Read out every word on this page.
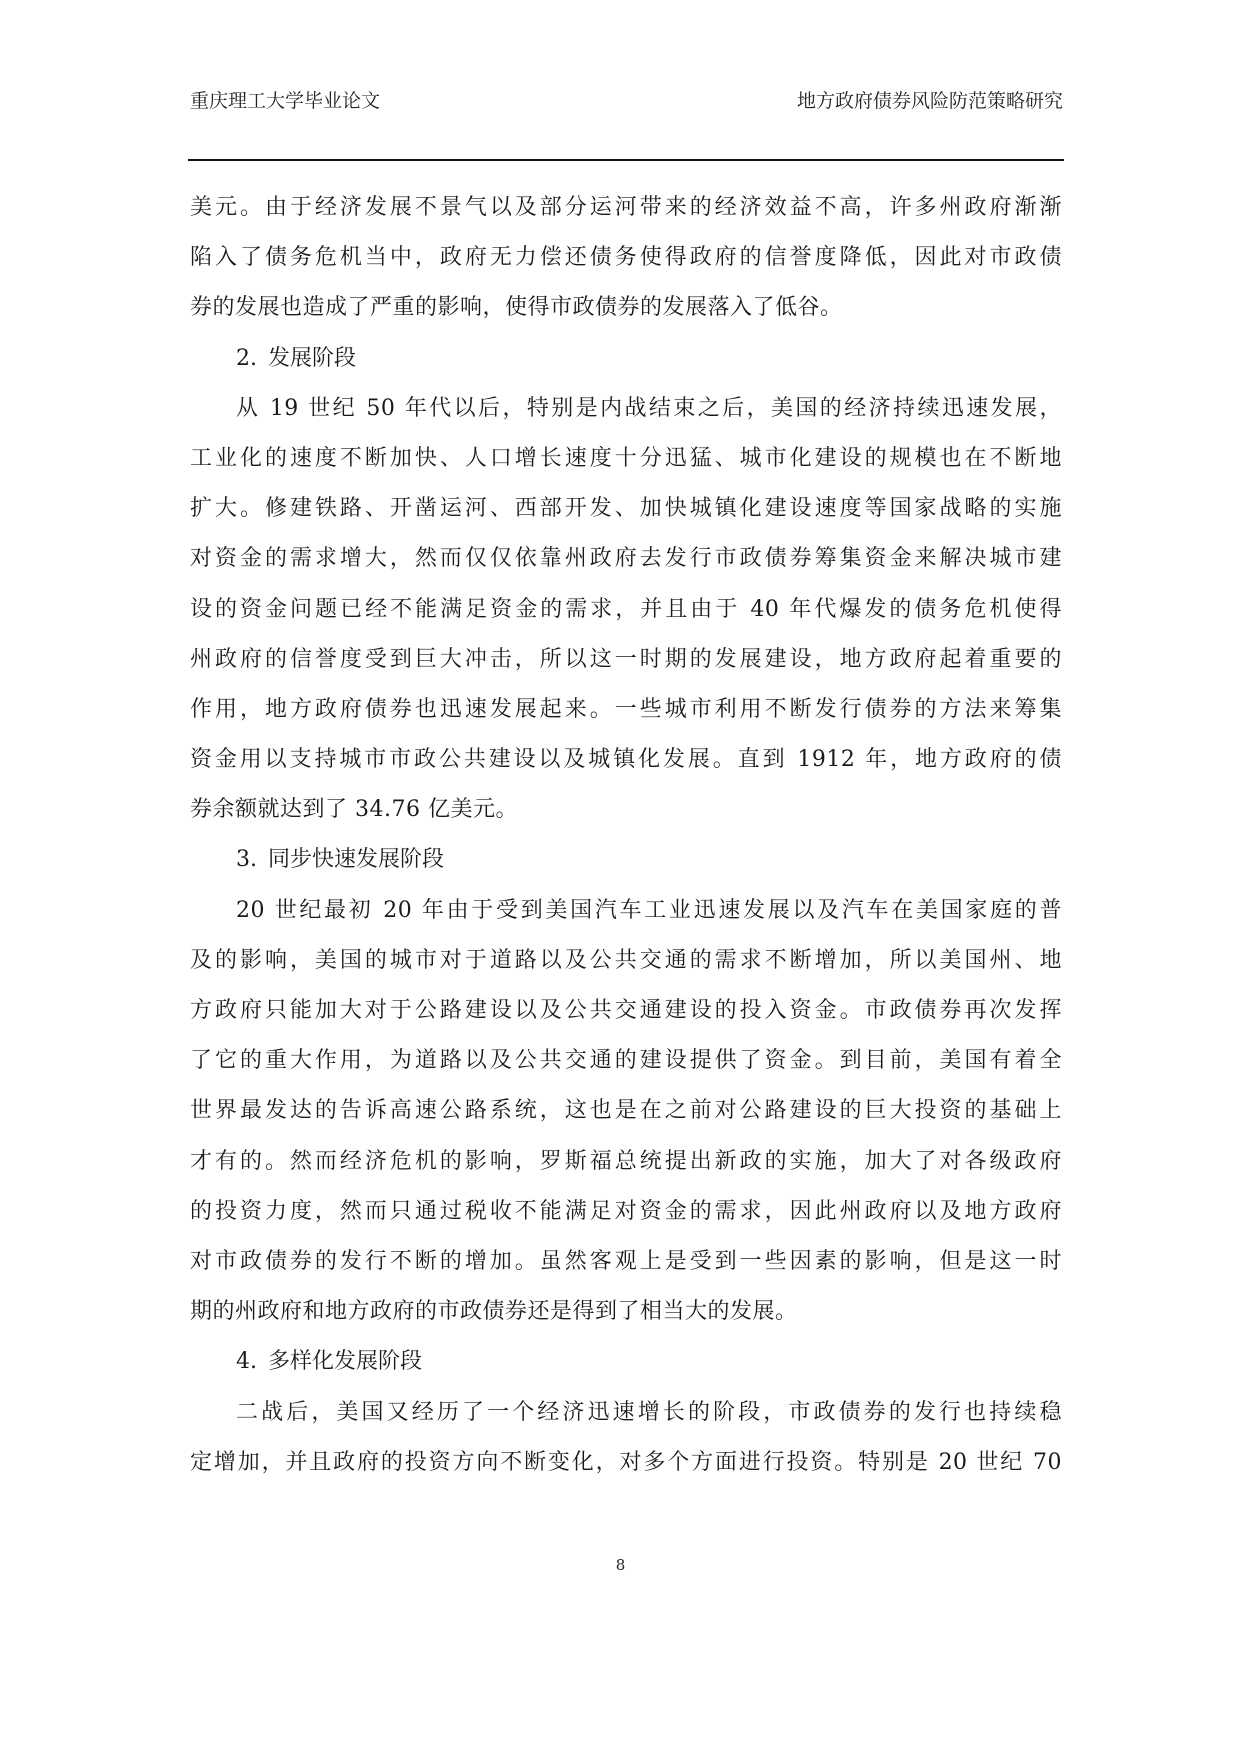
重庆理工大学毕业论文	地方政府债券风险防范策略研究
美元。由于经济发展不景气以及部分运河带来的经济效益不高，许多州政府渐渐
陷入了债务危机当中，政府无力偿还债务使得政府的信誉度降低，因此对市政债
券的发展也造成了严重的影响，使得市政债券的发展落入了低谷。
2. 发展阶段
从 19 世纪 50 年代以后，特别是内战结束之后，美国的经济持续迅速发展，
工业化的速度不断加快、人口增长速度十分迅猛、城市化建设的规模也在不断地
扩大。修建铁路、开凿运河、西部开发、加快城镇化建设速度等国家战略的实施
对资金的需求增大，然而仅仅依靠州政府去发行市政债券筹集资金来解决城市建
设的资金问题已经不能满足资金的需求，并且由于 40 年代爆发的债务危机使得
州政府的信誉度受到巨大冲击，所以这一时期的发展建设，地方政府起着重要的
作用，地方政府债券也迅速发展起来。一些城市利用不断发行债券的方法来筹集
资金用以支持城市市政公共建设以及城镇化发展。直到 1912 年，地方政府的债
券余额就达到了 34.76 亿美元。
3. 同步快速发展阶段
20 世纪最初 20 年由于受到美国汽车工业迅速发展以及汽车在美国家庭的普
及的影响，美国的城市对于道路以及公共交通的需求不断增加，所以美国州、地
方政府只能加大对于公路建设以及公共交通建设的投入资金。市政债券再次发挥
了它的重大作用，为道路以及公共交通的建设提供了资金。到目前，美国有着全
世界最发达的告诉高速公路系统，这也是在之前对公路建设的巨大投资的基础上
才有的。然而经济危机的影响，罗斯福总统提出新政的实施，加大了对各级政府
的投资力度，然而只通过税收不能满足对资金的需求，因此州政府以及地方政府
对市政债券的发行不断的增加。虽然客观上是受到一些因素的影响，但是这一时
期的州政府和地方政府的市政债券还是得到了相当大的发展。
4. 多样化发展阶段
二战后，美国又经历了一个经济迅速增长的阶段，市政债券的发行也持续稳
定增加，并且政府的投资方向不断变化，对多个方面进行投资。特别是 20 世纪 70
8
